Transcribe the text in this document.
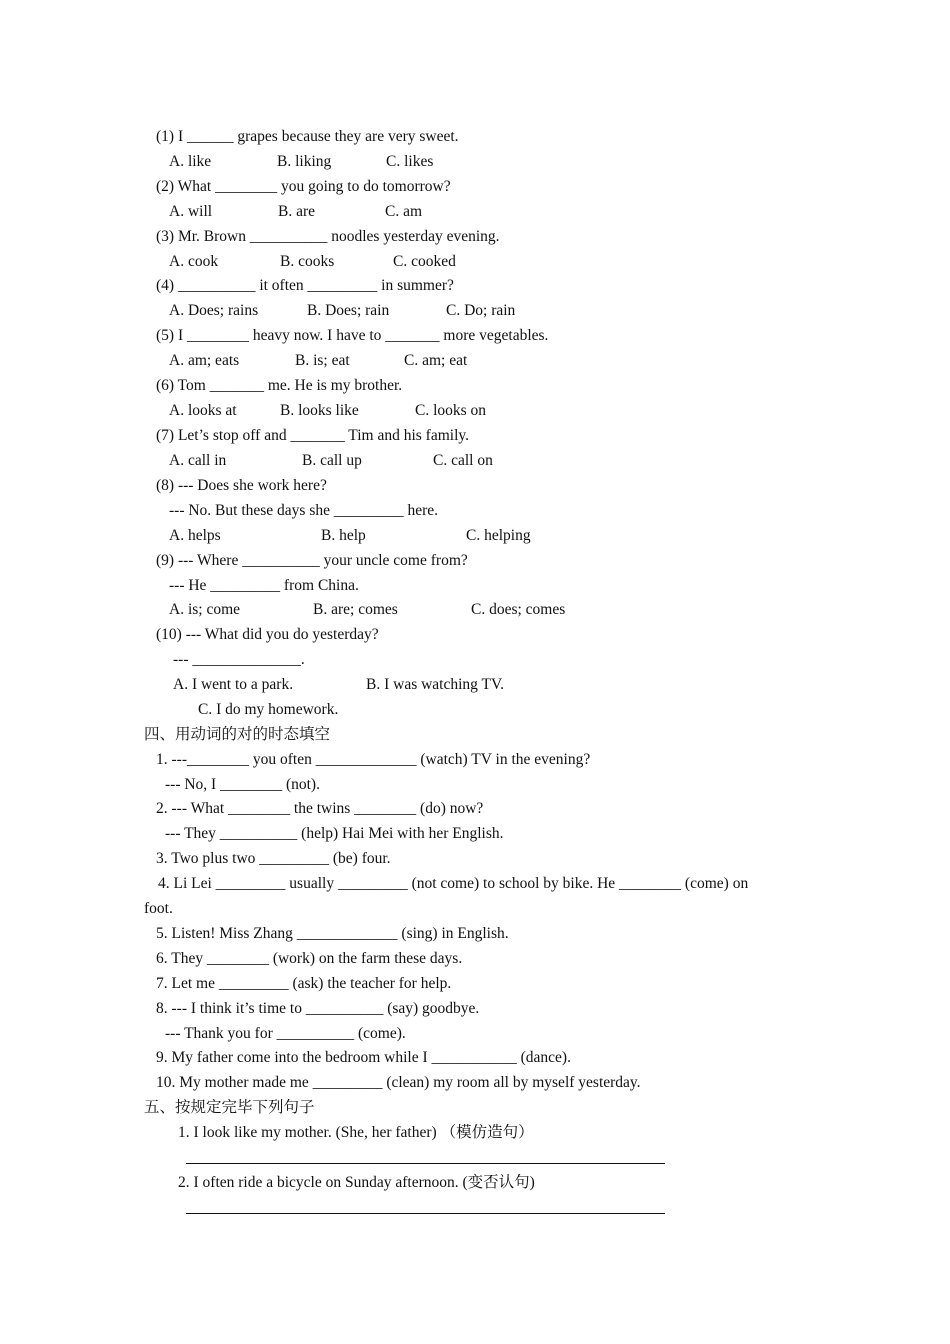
(1) I ______ grapes because they are very sweet.
A. like	B. liking	C. likes
(2) What ________ you going to do tomorrow?
A. will	B. are	C. am
(3) Mr. Brown __________ noodles yesterday evening.
A. cook	B. cooks	C. cooked
(4) __________ it often _________ in summer?
A. Does; rains	B. Does; rain	C. Do; rain
(5) I ________ heavy now. I have to _______ more vegetables.
A. am; eats	B. is; eat	C. am; eat
(6) Tom _______ me. He is my brother.
A. looks at	B. looks like	C. looks on
(7) Let’s stop off and _______ Tim and his family.
A. call in	B. call up	C. call on
(8) --- Does she work here?
--- No. But these days she _________ here.
A. helps	B. help	C. helping
(9) --- Where __________ your uncle come from?
--- He _________ from China.
A. is; come	B. are; comes	C. does; comes
(10) --- What did you do yesterday?
--- ______________.
A. I went to a park.	B. I was watching TV.
C. I do my homework.
四、用动词的对的时态填空
1. ---________ you often _____________ (watch) TV in the evening?
--- No, I ________ (not).
2. --- What ________ the twins ________ (do) now?
--- They __________ (help) Hai Mei with her English.
3. Two plus two _________ (be) four.
4. Li Lei _________ usually _________ (not come) to school by bike. He ________ (come) on
foot.
5. Listen! Miss Zhang _____________ (sing) in English.
6. They ________ (work) on the farm these days.
7. Let me _________ (ask) the teacher for help.
8. --- I think it’s time to __________ (say) goodbye.
--- Thank you for __________ (come).
9. My father come into the bedroom while I ___________ (dance).
10. My mother made me _________ (clean) my room all by myself yesterday.
五、按规定完毕下列句子
1. I look like my mother. (She, her father) （模仿造句）
2. I often ride a bicycle on Sunday afternoon. (变否认句)
